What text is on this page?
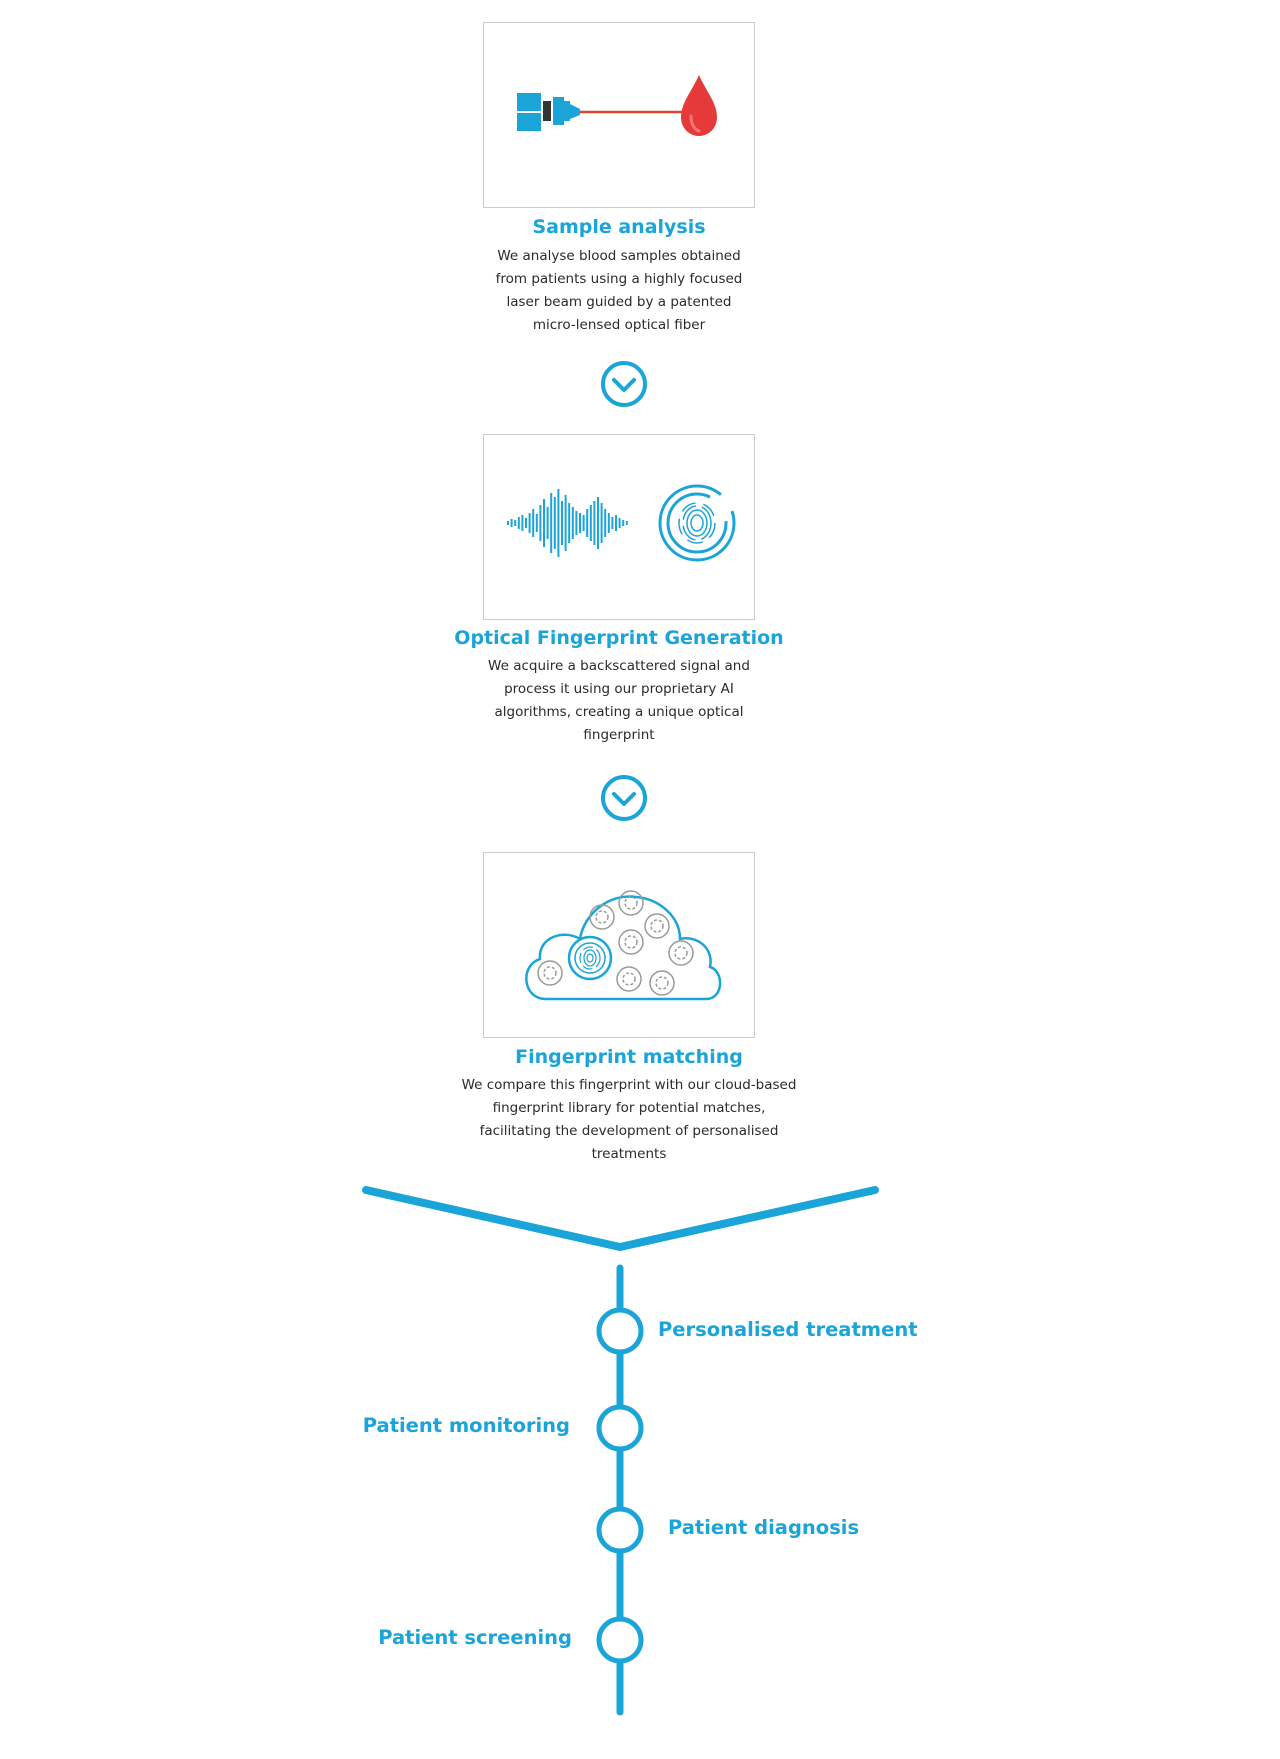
Sample analysis
We analyse blood samples obtained from patients using a highly focused laser beam guided by a patented micro-lensed optical fiber
Optical Fingerprint Generation
We acquire a backscattered signal and process it using our proprietary AI algorithms, creating a unique optical fingerprint
Fingerprint matching
We compare this fingerprint with our cloud-based fingerprint library for potential matches, facilitating the development of personalised treatments
Personalised treatment
Patient monitoring
Patient diagnosis
Patient screening
